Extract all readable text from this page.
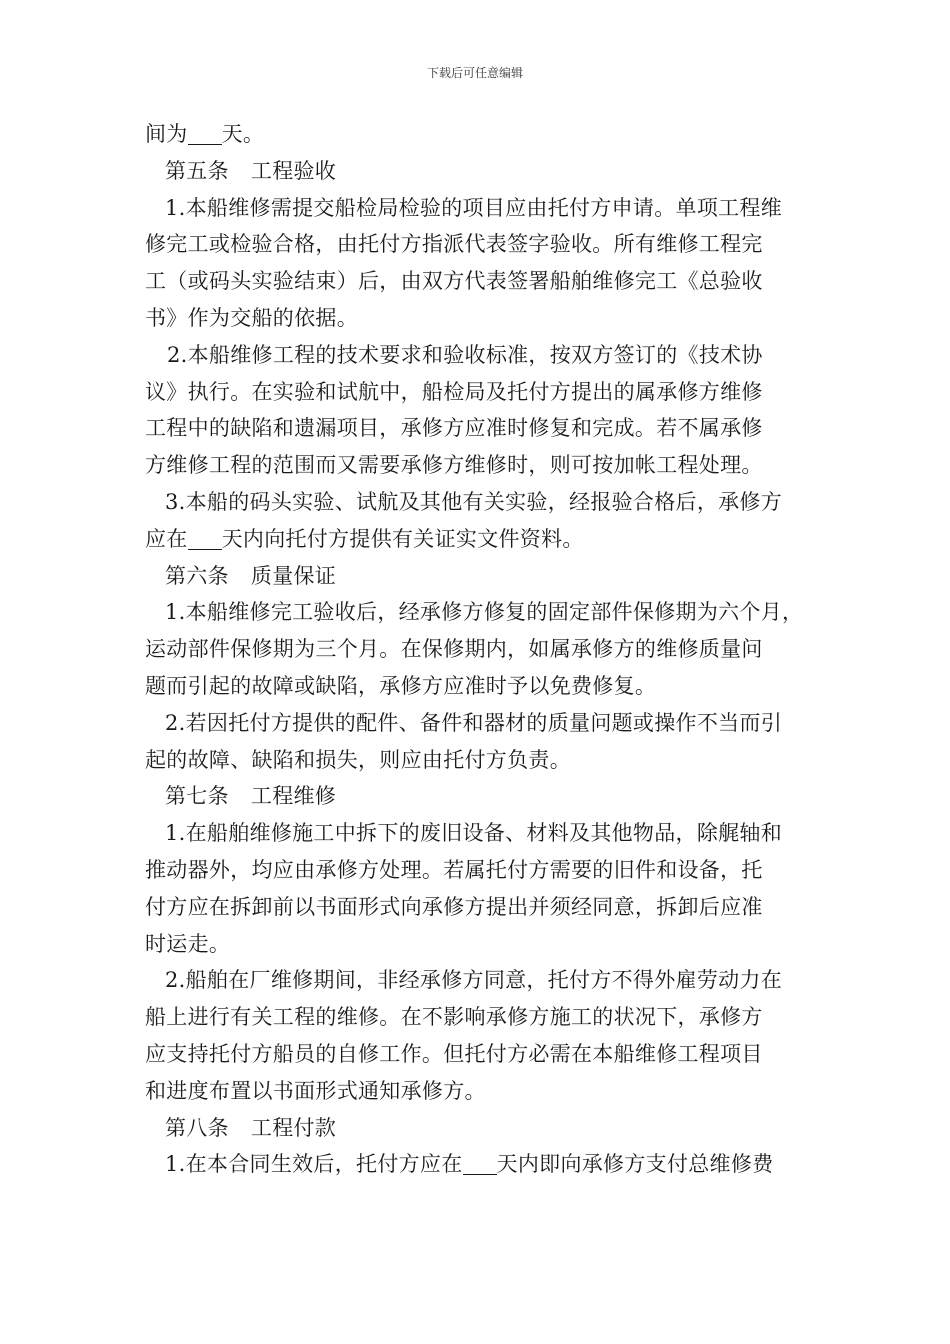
下载后可任意编辑
间为 天。
第五条 工程验收
1.本船维修需提交船检局检验的项目应由托付方申请。单项工程维
修完工或检验合格，由托付方指派代表签字验收。所有维修工程完
工（或码头实验结束）后，由双方代表签署船舶维修完工《总验收
书》作为交船的依据。
2.本船维修工程的技术要求和验收标准，按双方签订的《技术协
议》执行。在实验和试航中，船检局及托付方提出的属承修方维修
工程中的缺陷和遗漏项目，承修方应准时修复和完成。若不属承修
方维修工程的范围而又需要承修方维修时，则可按加帐工程处理。
3.本船的码头实验、试航及其他有关实验，经报验合格后，承修方
应在 天内向托付方提供有关证实文件资料。
第六条 质量保证
1.本船维修完工验收后，经承修方修复的固定部件保修期为六个月，
运动部件保修期为三个月。在保修期内，如属承修方的维修质量问
题而引起的故障或缺陷，承修方应准时予以免费修复。
2.若因托付方提供的配件、备件和器材的质量问题或操作不当而引
起的故障、缺陷和损失，则应由托付方负责。
第七条 工程维修
1.在船舶维修施工中拆下的废旧设备、材料及其他物品，除艉轴和
推动器外，均应由承修方处理。若属托付方需要的旧件和设备，托
付方应在拆卸前以书面形式向承修方提出并须经同意，拆卸后应准
时运走。
2.船舶在厂维修期间，非经承修方同意，托付方不得外雇劳动力在
船上进行有关工程的维修。在不影响承修方施工的状况下，承修方
应支持托付方船员的自修工作。但托付方必需在本船维修工程项目
和进度布置以书面形式通知承修方。
第八条 工程付款
1.在本合同生效后，托付方应在 天内即向承修方支付总维修费
